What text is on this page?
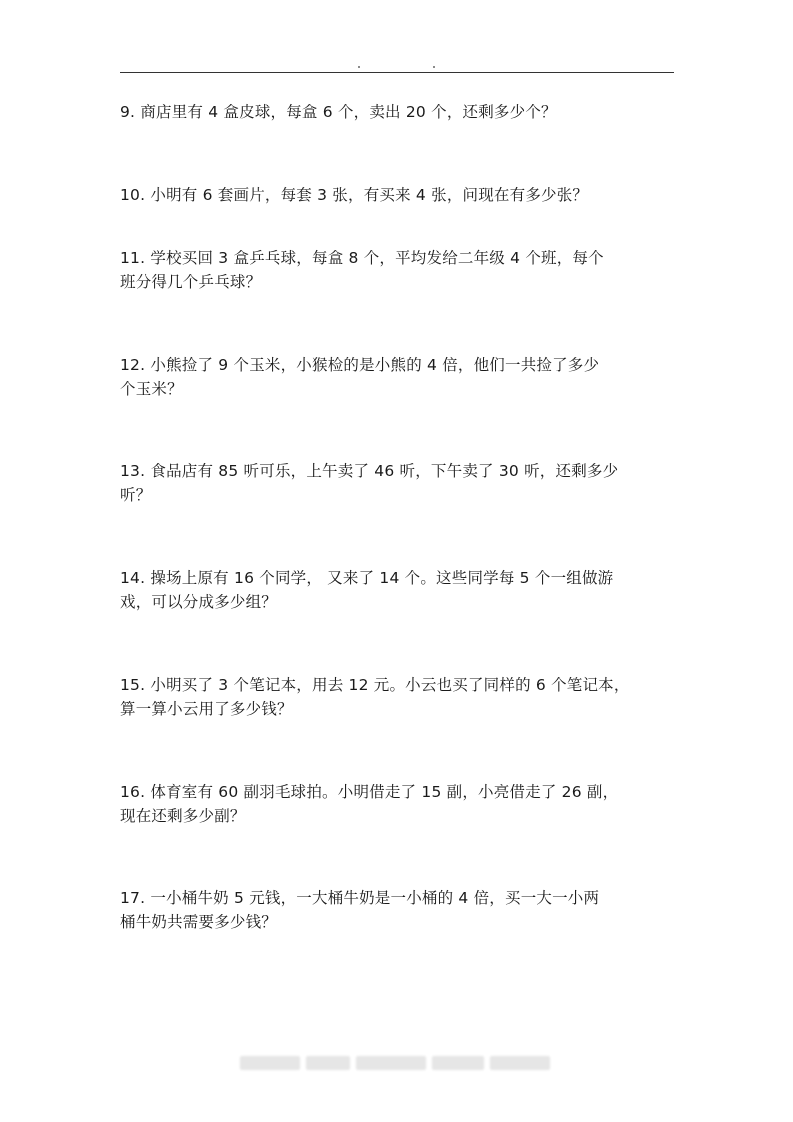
9. 商店里有 4 盒皮球，每盒 6 个，卖出 20 个，还剩多少个？
10. 小明有 6 套画片，每套 3 张，有买来 4 张，问现在有多少张？
11. 学校买回 3 盒乒乓球，每盒 8 个，平均发给二年级 4 个班，每个
班分得几个乒乓球？
12. 小熊捡了 9 个玉米，小猴检的是小熊的 4 倍，他们一共捡了多少
个玉米？
13. 食品店有 85 听可乐，上午卖了 46 听，下午卖了 30 听，还剩多少
听？
14. 操场上原有 16 个同学， 又来了 14 个。这些同学每 5 个一组做游
戏，可以分成多少组？
15. 小明买了 3 个笔记本，用去 12 元。小云也买了同样的 6 个笔记本，
算一算小云用了多少钱？
16. 体育室有 60 副羽毛球拍。小明借走了 15 副，小亮借走了 26 副，
现在还剩多少副？
17. 一小桶牛奶 5 元钱，一大桶牛奶是一小桶的 4 倍，买一大一小两
桶牛奶共需要多少钱？
